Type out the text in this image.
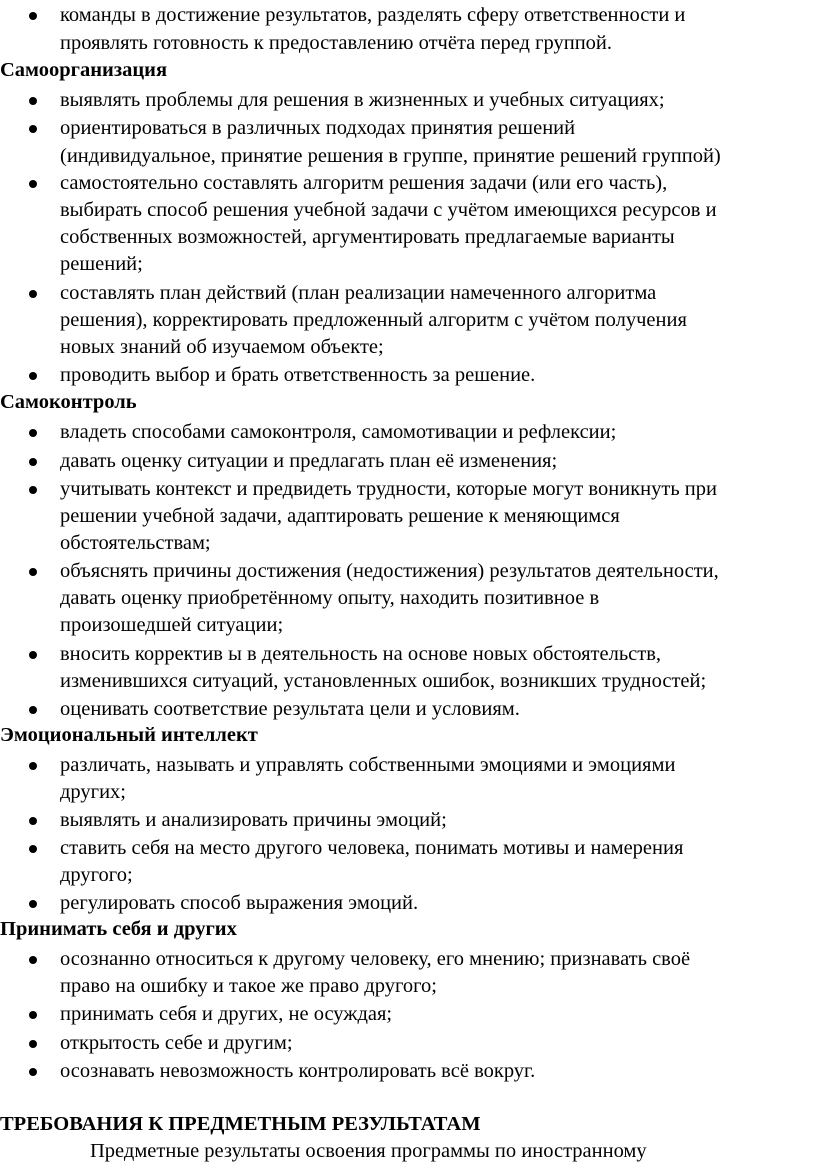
команды в достижение результатов, разделять сферу ответственности и
проявлять готовность к предоставлению отчёта перед группой.
Самоорганизация
выявлять проблемы для решения в жизненных и учебных ситуациях;
ориентироваться в различных подходах принятия решений
(индивидуальное, принятие решения в группе, принятие решений группой)
самостоятельно составлять алгоритм решения задачи (или его часть),
выбирать способ решения учебной задачи с учётом имеющихся ресурсов и
собственных возможностей, аргументировать предлагаемые варианты
решений;
составлять план действий (план реализации намеченного алгоритма
решения), корректировать предложенный алгоритм с учётом получения
новых знаний об изучаемом объекте;
проводить выбор и брать ответственность за решение.
Самоконтроль
владеть способами самоконтроля, самомотивации и рефлексии;
давать оценку ситуации и предлагать план её изменения;
учитывать контекст и предвидеть трудности, которые могут вoникнуть при
решении учебной задачи, адаптировать решение к меняющимся
обстоятельствам;
объяснять причины достижения (недостижения) результатов деятельности,
давать оценку приобретённому опыту, находить позитивное в
произошедшей ситуации;
вносить корректив ы в деятельность на основе новых обстоятельств,
изменившихся ситуаций, установленных ошибок, возникших трудностей;
оценивать соответствие результата цели и условиям.
Эмоциональный интеллект
различать, называть и управлять собственными эмоциями и эмоциями
других;
выявлять и анализировать причины эмоций;
ставить себя на место другого человека, понимать мотивы и намерения
другого;
регулировать способ выражения эмоций.
Принимать себя и других
осознанно относиться к другому человеку, его мнению; признавать своё
право на ошибку и такое же право другого;
принимать себя и других, не осуждая;
открытость себе и другим;
осознавать невозможность контролировать всё вокруг.
ТРЕБОВАНИЯ К ПРЕДМЕТНЫМ РЕЗУЛЬТАТАМ
Предметные результаты освоения программы по иностранному
